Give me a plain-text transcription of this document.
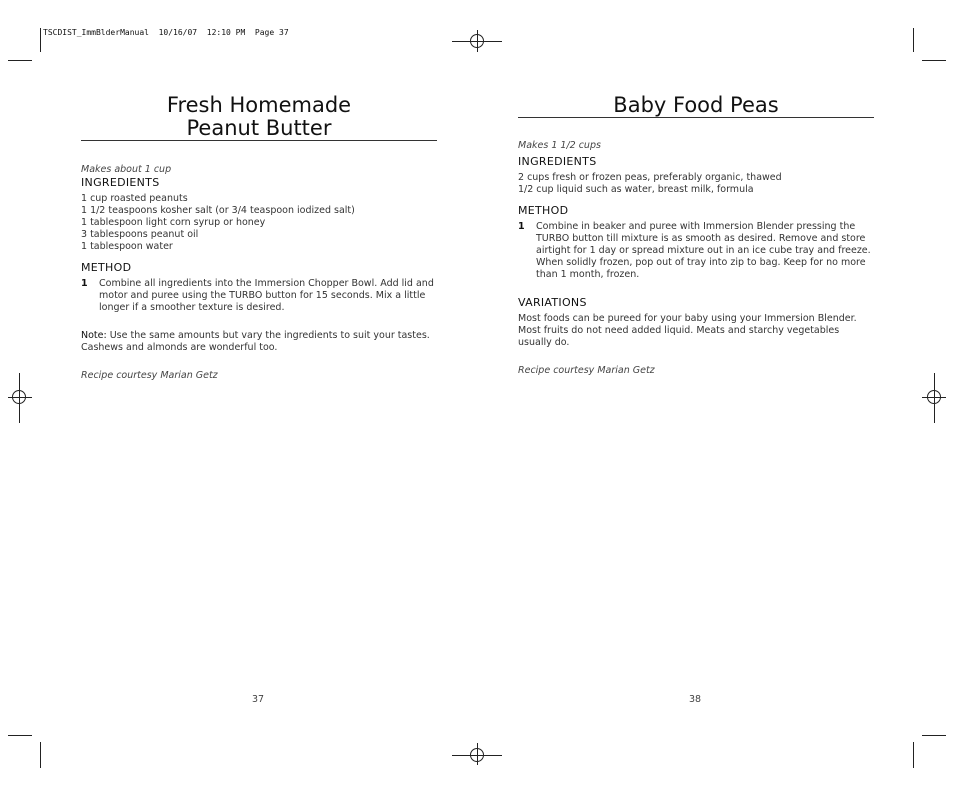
TSCDIST_ImmBlderManual  10/16/07  12:10 PM  Page 37
Fresh Homemade
Peanut Butter
Makes about 1 cup
INGREDIENTS
1 cup roasted peanuts
1 1/2 teaspoons kosher salt (or 3/4 teaspoon iodized salt)
1 tablespoon light corn syrup or honey
3 tablespoons peanut oil
1 tablespoon water
METHOD
1	Combine all ingredients into the Immersion Chopper Bowl. Add lid and motor and puree using the TURBO button for 15 seconds. Mix a little longer if a smoother texture is desired.
Note: Use the same amounts but vary the ingredients to suit your tastes. Cashews and almonds are wonderful too.
Recipe courtesy Marian Getz
37
Baby Food Peas
Makes 1 1/2 cups
INGREDIENTS
2 cups fresh or frozen peas, preferably organic, thawed
1/2 cup liquid such as water, breast milk, formula
METHOD
1	Combine in beaker and puree with Immersion Blender pressing the TURBO button till mixture is as smooth as desired. Remove and store airtight for 1 day or spread mixture out in an ice cube tray and freeze. When solidly frozen, pop out of tray into zip to bag. Keep for no more than 1 month, frozen.
VARIATIONS
Most foods can be pureed for your baby using your Immersion Blender. Most fruits do not need added liquid. Meats and starchy vegetables usually do.
Recipe courtesy Marian Getz
38
